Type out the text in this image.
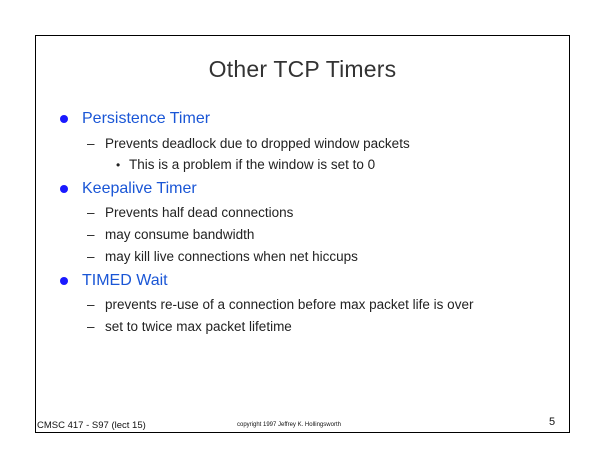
Other TCP Timers
Persistence Timer
– Prevents deadlock due to dropped window packets
• This is a problem if the window is set to 0
Keepalive Timer
– Prevents half dead connections
– may consume bandwidth
– may kill live connections when net hiccups
TIMED Wait
– prevents re-use of a connection before max packet life is over
– set to twice max packet lifetime
CMSC 417 - S97 (lect 15)	copyright 1997 Jeffrey K. Hollingsworth	5
